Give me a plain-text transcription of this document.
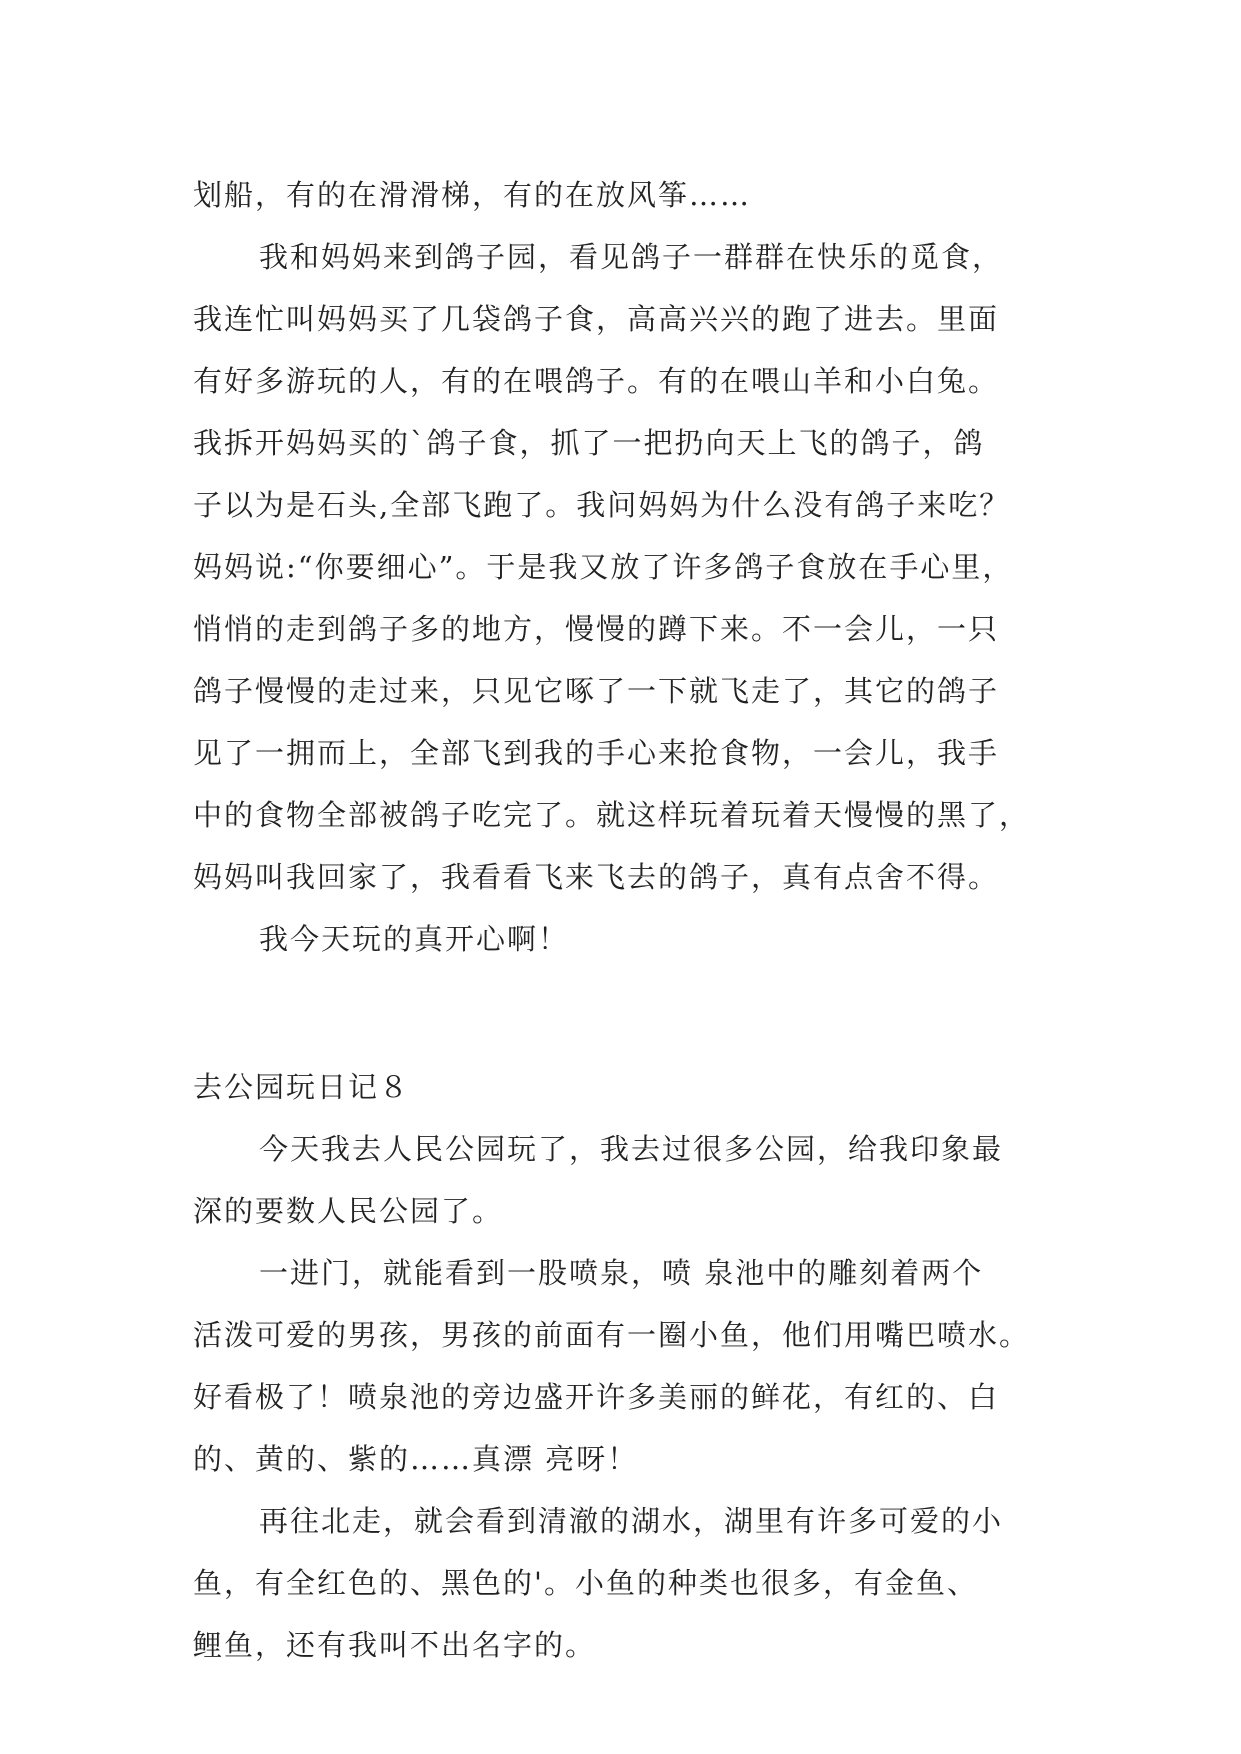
划船，有的在滑滑梯，有的在放风筝……
我和妈妈来到鸽子园，看见鸽子一群群在快乐的觅食，
我连忙叫妈妈买了几袋鸽子食，高高兴兴的跑了进去。里面
有好多游玩的人，有的在喂鸽子。有的在喂山羊和小白兔。
我拆开妈妈买的`鸽子食，抓了一把扔向天上飞的鸽子，鸽
子以为是石头,全部飞跑了。我问妈妈为什么没有鸽子来吃？
妈妈说:“你要细心”。于是我又放了许多鸽子食放在手心里，
悄悄的走到鸽子多的地方，慢慢的蹲下来。不一会儿，一只
鸽子慢慢的走过来，只见它啄了一下就飞走了，其它的鸽子
见了一拥而上，全部飞到我的手心来抢食物，一会儿，我手
中的食物全部被鸽子吃完了。就这样玩着玩着天慢慢的黑了，
妈妈叫我回家了，我看看飞来飞去的鸽子，真有点舍不得。
我今天玩的真开心啊！
去公园玩日记８
今天我去人民公园玩了，我去过很多公园，给我印象最
深的要数人民公园了。
一进门，就能看到一股喷泉，喷 泉池中的雕刻着两个
活泼可爱的男孩，男孩的前面有一圈小鱼，他们用嘴巴喷水。
好看极了！喷泉池的旁边盛开许多美丽的鲜花，有红的、白
的、黄的、紫的……真漂 亮呀！
再往北走，就会看到清澈的湖水，湖里有许多可爱的小
鱼，有全红色的、黑色的'。小鱼的种类也很多，有金鱼、
鲤鱼，还有我叫不出名字的。
